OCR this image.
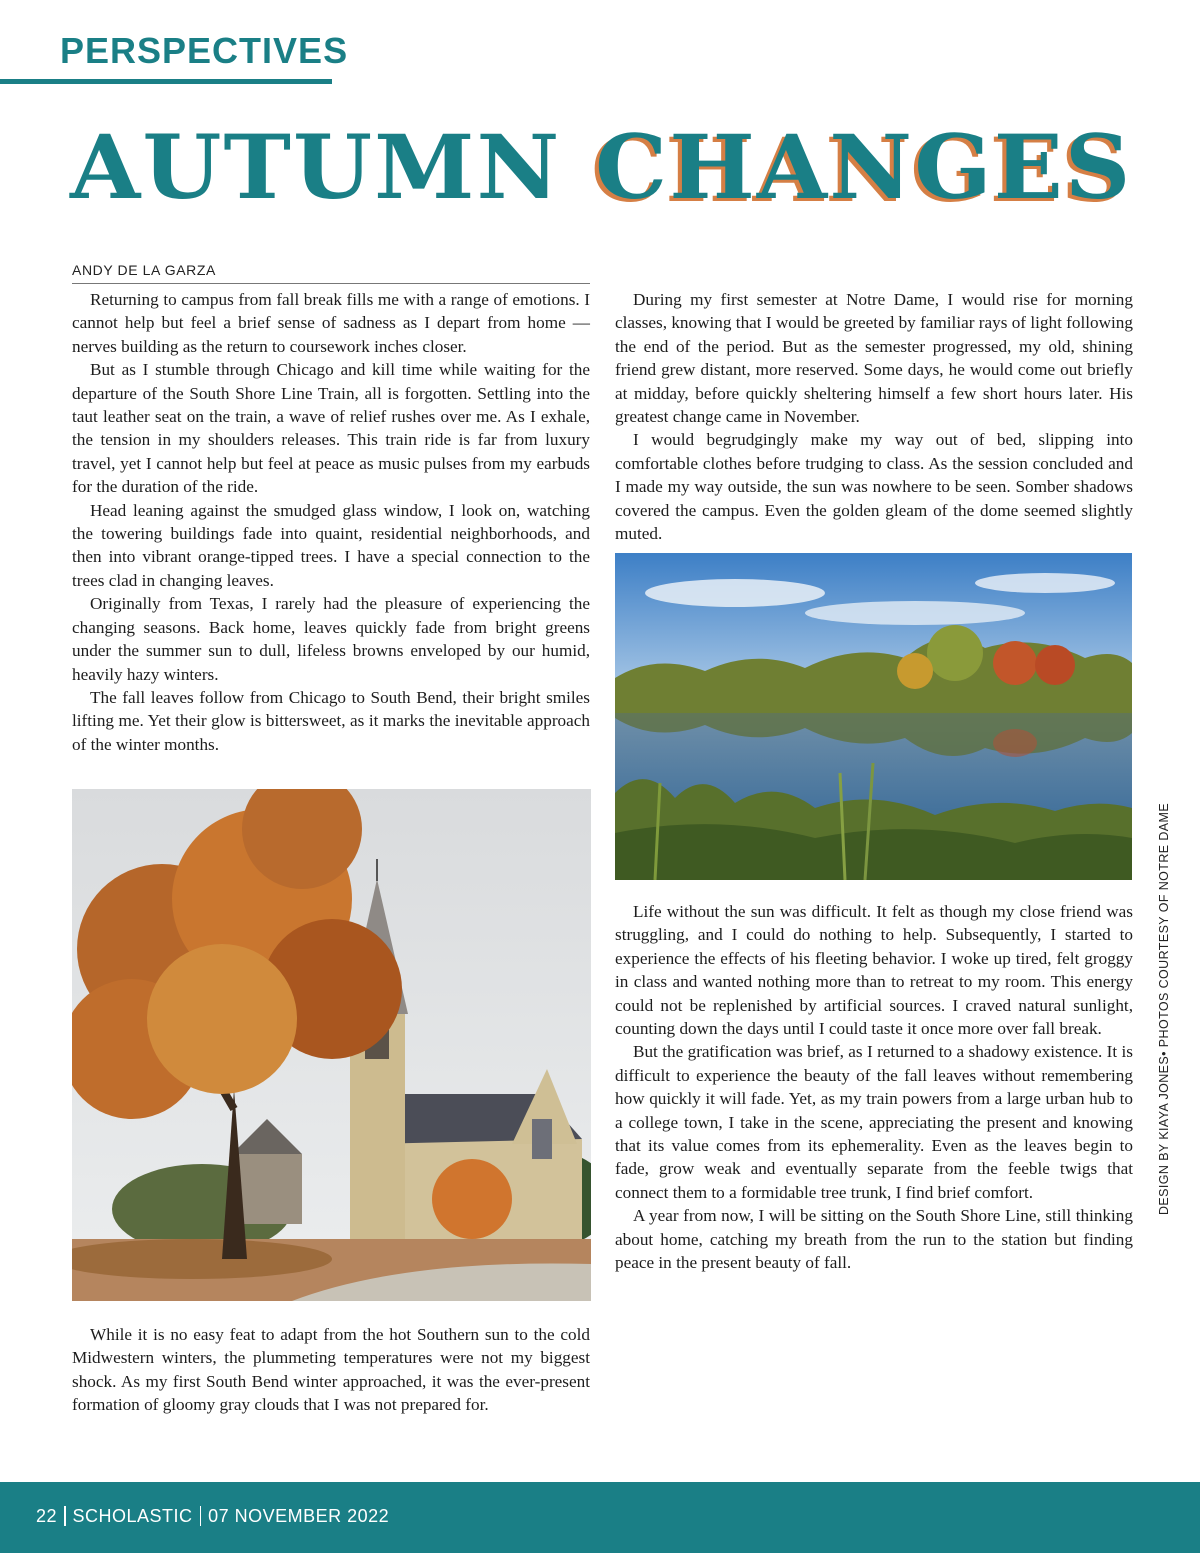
PERSPECTIVES
AUTUMN CHANGES

ANDY DE LA GARZA

Returning to campus from fall break fills me with a range of emotions. I cannot help but feel a brief sense of sadness as I depart from home — nerves building as the return to coursework inches closer.

But as I stumble through Chicago and kill time while waiting for the departure of the South Shore Line Train, all is forgotten. Settling into the taut leather seat on the train, a wave of relief rushes over me. As I exhale, the tension in my shoulders releases. This train ride is far from luxury travel, yet I cannot help but feel at peace as music pulses from my earbuds for the duration of the ride.

Head leaning against the smudged glass window, I look on, watching the towering buildings fade into quaint, residential neighborhoods, and then into vibrant orange-tipped trees. I have a special connection to the trees clad in changing leaves.

Originally from Texas, I rarely had the pleasure of experiencing the changing seasons. Back home, leaves quickly fade from bright greens under the summer sun to dull, lifeless browns enveloped by our humid, heavily hazy winters.

The fall leaves follow from Chicago to South Bend, their bright smiles lifting me. Yet their glow is bittersweet, as it marks the inevitable approach of the winter months.

While it is no easy feat to adapt from the hot Southern sun to the cold Midwestern winters, the plummeting temperatures were not my biggest shock. As my first South Bend winter approached, it was the ever-present formation of gloomy gray clouds that I was not prepared for.

During my first semester at Notre Dame, I would rise for morning classes, knowing that I would be greeted by familiar rays of light following the end of the period. But as the semester progressed, my old, shining friend grew distant, more reserved. Some days, he would come out briefly at midday, before quickly sheltering himself a few short hours later. His greatest change came in November.

I would begrudgingly make my way out of bed, slipping into comfortable clothes before trudging to class. As the session concluded and I made my way outside, the sun was nowhere to be seen. Somber shadows covered the campus. Even the golden gleam of the dome seemed slightly muted.

Life without the sun was difficult. It felt as though my close friend was struggling, and I could do nothing to help. Subsequently, I started to experience the effects of his fleeting behavior. I woke up tired, felt groggy in class and wanted nothing more than to retreat to my room. This energy could not be replenished by artificial sources. I craved natural sunlight, counting down the days until I could taste it once more over fall break.

But the gratification was brief, as I returned to a shadowy existence. It is difficult to experience the beauty of the fall leaves without remembering how quickly it will fade. Yet, as my train powers from a large urban hub to a college town, I take in the scene, appreciating the present and knowing that its value comes from its ephemerality. Even as the leaves begin to fade, grow weak and eventually separate from the feeble twigs that connect them to a formidable tree trunk, I find brief comfort.

A year from now, I will be sitting on the South Shore Line, still thinking about home, catching my breath from the run to the station but finding peace in the present beauty of fall.

DESIGN BY KIAYA JONES• PHOTOS COURTESY OF NOTRE DAME
22 SCHOLASTIC 07 NOVEMBER 2022
